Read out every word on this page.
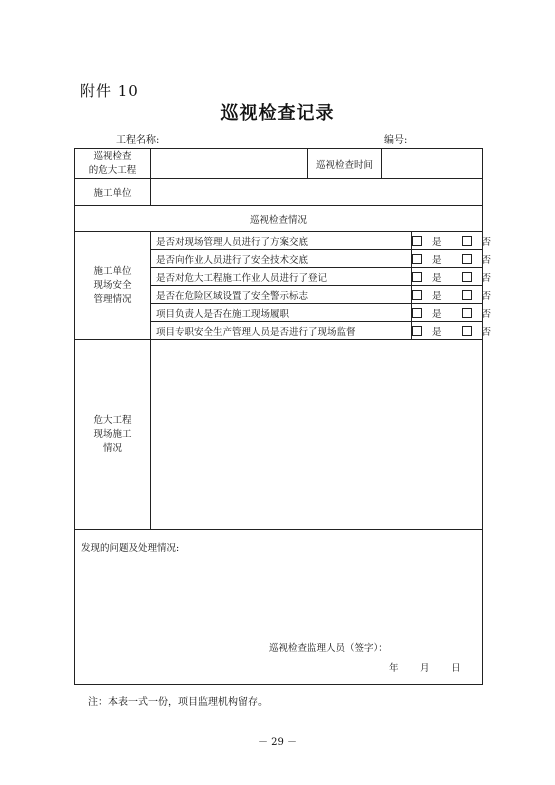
附件 10
巡视检查记录
工程名称:	编号:
巡视检查
的危大工程		巡视检查时间		
施工单位				
巡视检查情况				
施工单位
现场安全
管理情况	是否对现场管理人员进行了方案交底			是 否
	是否向作业人员进行了安全技术交底			是 否
	是否对危大工程施工作业人员进行了登记			是 否
	是否在危险区域设置了安全警示标志			是 否
	项目负责人是否在施工现场履职			是 否
	项目专职安全生产管理人员是否进行了现场监督			是 否
危大工程
现场施工
情况				

发现的问题及处理情况:
巡视检查监理人员（签字）：
年 月 日				
注：本表一式一份，项目监理机构留存。
－ 29 －
